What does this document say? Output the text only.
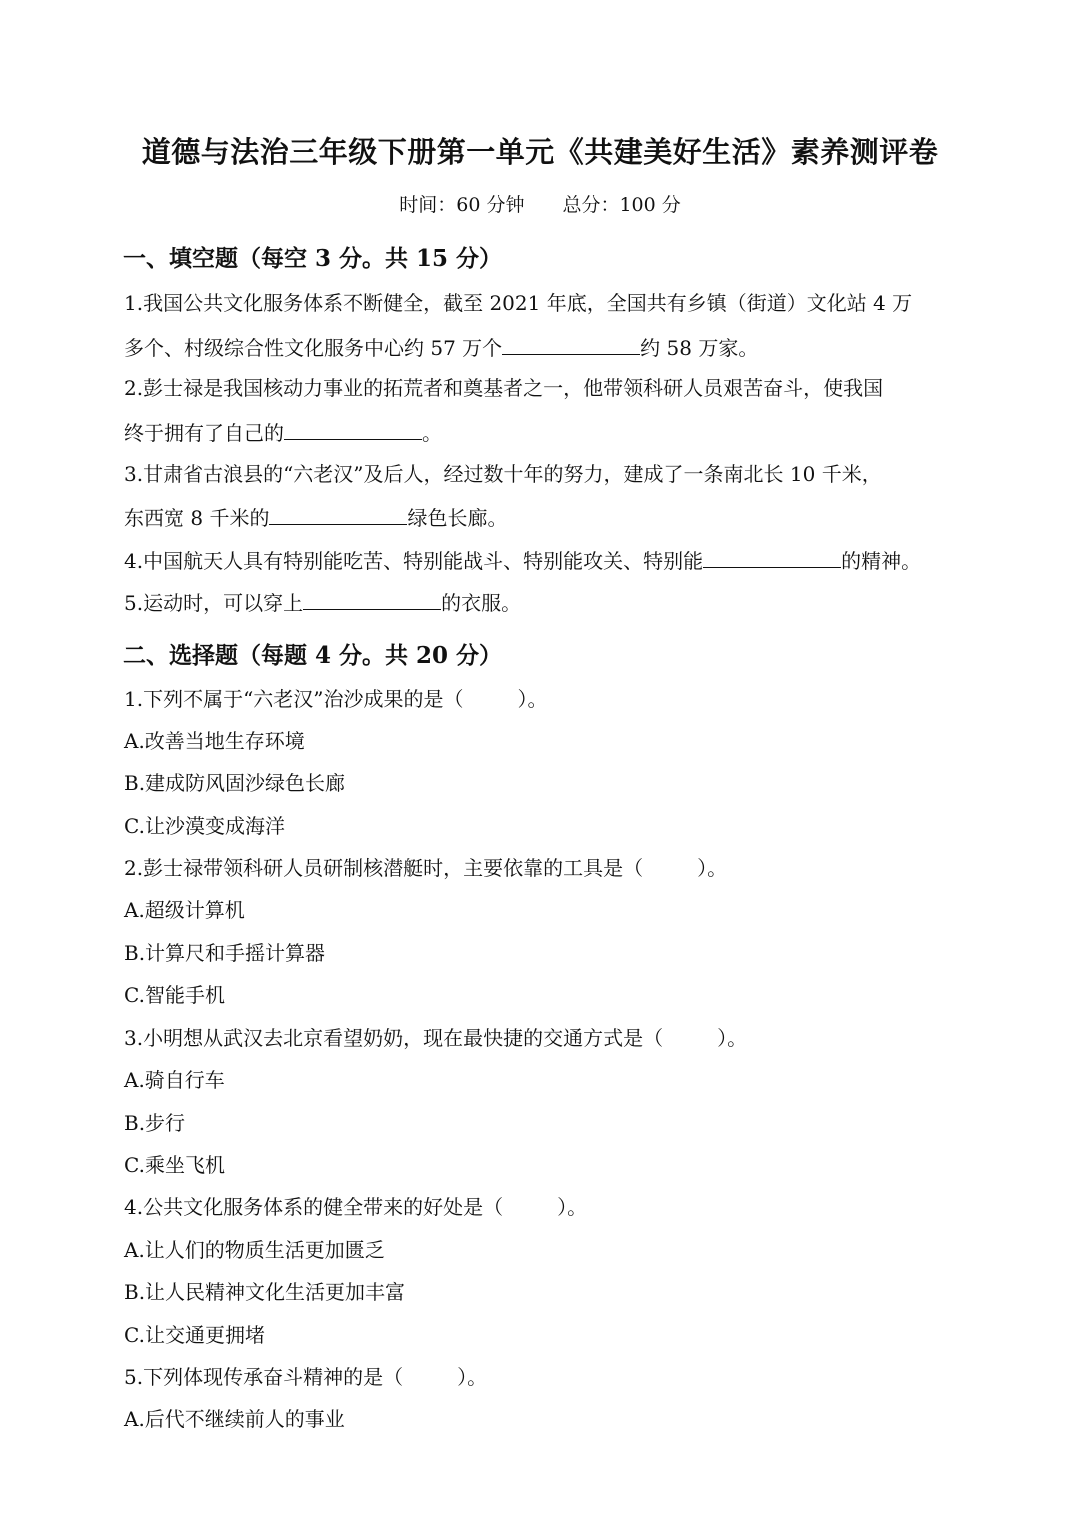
道德与法治三年级下册第一单元《共建美好生活》素养测评卷
时间：60 分钟 总分：100 分
一、填空题（每空 3 分。共 15 分）
1.我国公共文化服务体系不断健全，截至 2021 年底，全国共有乡镇（街道）文化站 4 万
多个、村级综合性文化服务中心约 57 万个	约 58 万家。
2.彭士禄是我国核动力事业的拓荒者和奠基者之一，他带领科研人员艰苦奋斗，使我国
终于拥有了自己的	。
3.甘肃省古浪县的“六老汉”及后人，经过数十年的努力，建成了一条南北长 10 千米，
东西宽 8 千米的	绿色长廊。
4.中国航天人具有特别能吃苦、特别能战斗、特别能攻关、特别能	的精神。
5.运动时，可以穿上	的衣服。
二、选择题（每题 4 分。共 20 分）
1.下列不属于“六老汉”治沙成果的是（	）。
A.改善当地生存环境
B.建成防风固沙绿色长廊
C.让沙漠变成海洋
2.彭士禄带领科研人员研制核潜艇时，主要依靠的工具是（	）。
A.超级计算机
B.计算尺和手摇计算器
C.智能手机
3.小明想从武汉去北京看望奶奶，现在最快捷的交通方式是（	）。
A.骑自行车
B.步行
C.乘坐飞机
4.公共文化服务体系的健全带来的好处是（	）。
A.让人们的物质生活更加匮乏
B.让人民精神文化生活更加丰富
C.让交通更拥堵
5.下列体现传承奋斗精神的是（	）。
A.后代不继续前人的事业
